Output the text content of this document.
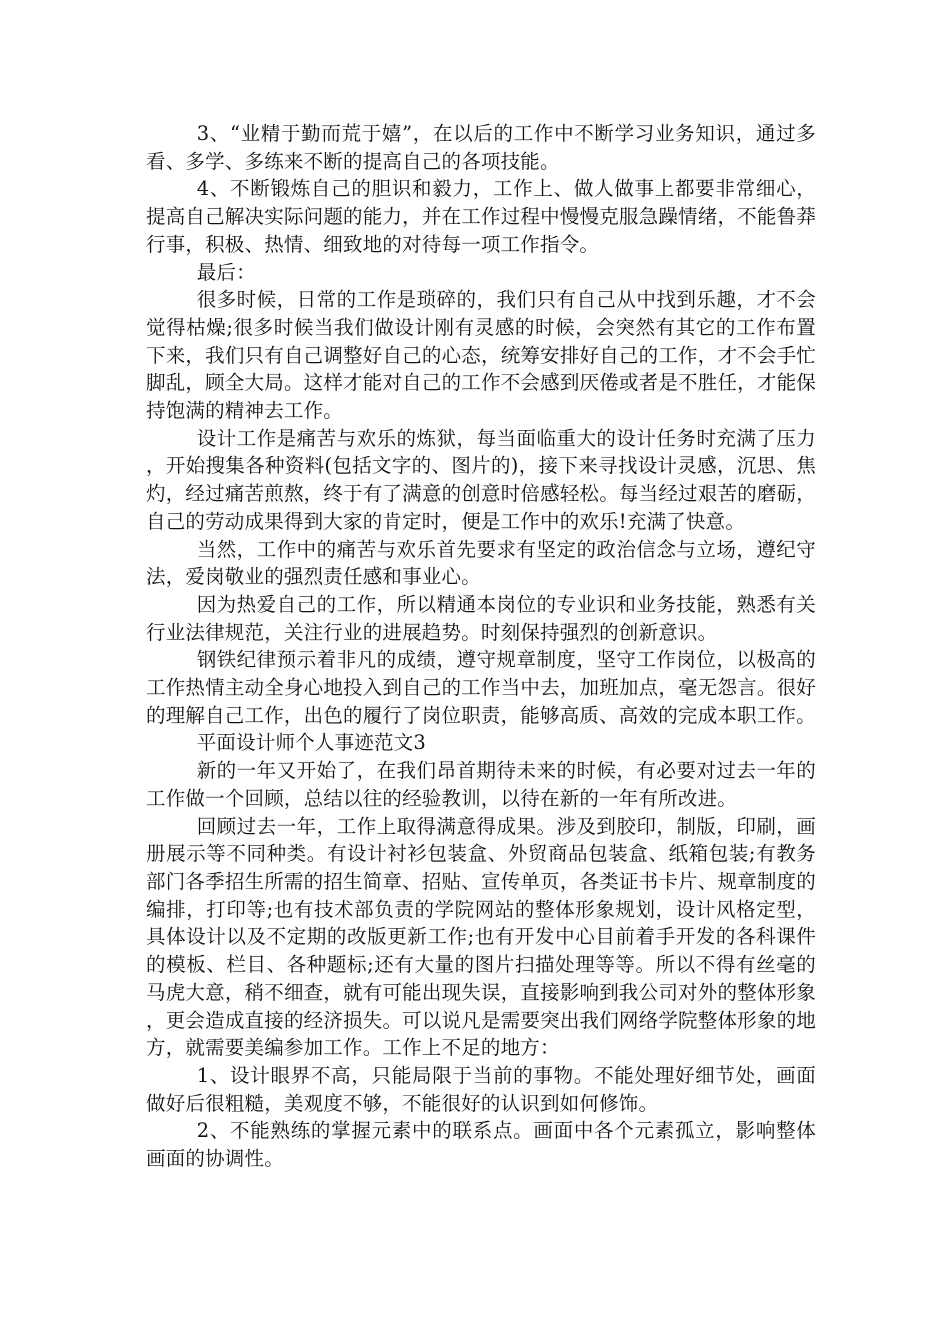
3、“业精于勤而荒于嬉”，在以后的工作中不断学习业务知识，通过多看、多学、多练来不断的提高自己的各项技能。

4、不断锻炼自己的胆识和毅力，工作上、做人做事上都要非常细心，提高自己解决实际问题的能力，并在工作过程中慢慢克服急躁情绪，不能鲁莽行事，积极、热情、细致地的对待每一项工作指令。

最后：

很多时候，日常的工作是琐碎的，我们只有自己从中找到乐趣，才不会觉得枯燥;很多时候当我们做设计刚有灵感的时候，会突然有其它的工作布置下来，我们只有自己调整好自己的心态，统筹安排好自己的工作，才不会手忙脚乱，顾全大局。这样才能对自己的工作不会感到厌倦或者是不胜任，才能保持饱满的精神去工作。

设计工作是痛苦与欢乐的炼狱，每当面临重大的设计任务时充满了压力，开始搜集各种资料(包括文字的、图片的)，接下来寻找设计灵感，沉思、焦灼，经过痛苦煎熬，终于有了满意的创意时倍感轻松。每当经过艰苦的磨砺，自己的劳动成果得到大家的肯定时，便是工作中的欢乐!充满了快意。

当然，工作中的痛苦与欢乐首先要求有坚定的政治信念与立场，遵纪守法，爱岗敬业的强烈责任感和事业心。

因为热爱自己的工作，所以精通本岗位的专业识和业务技能，熟悉有关行业法律规范，关注行业的进展趋势。时刻保持强烈的创新意识。

钢铁纪律预示着非凡的成绩，遵守规章制度，坚守工作岗位，以极高的工作热情主动全身心地投入到自己的工作当中去，加班加点，毫无怨言。很好的理解自己工作，出色的履行了岗位职责，能够高质、高效的完成本职工作。

平面设计师个人事迹范文3

新的一年又开始了，在我们昂首期待未来的时候，有必要对过去一年的工作做一个回顾，总结以往的经验教训，以待在新的一年有所改进。

回顾过去一年，工作上取得满意得成果。涉及到胶印，制版，印刷，画册展示等不同种类。有设计衬衫包装盒、外贸商品包装盒、纸箱包装;有教务部门各季招生所需的招生简章、招贴、宣传单页，各类证书卡片、规章制度的编排，打印等;也有技术部负责的学院网站的整体形象规划，设计风格定型，具体设计以及不定期的改版更新工作;也有开发中心目前着手开发的各科课件的模板、栏目、各种题标;还有大量的图片扫描处理等等。所以不得有丝毫的马虎大意，稍不细查，就有可能出现失误，直接影响到我公司对外的整体形象，更会造成直接的经济损失。可以说凡是需要突出我们网络学院整体形象的地方，就需要美编参加工作。工作上不足的地方：

1、设计眼界不高，只能局限于当前的事物。不能处理好细节处，画面做好后很粗糙，美观度不够，不能很好的认识到如何修饰。

2、不能熟练的掌握元素中的联系点。画面中各个元素孤立，影响整体画面的协调性。
